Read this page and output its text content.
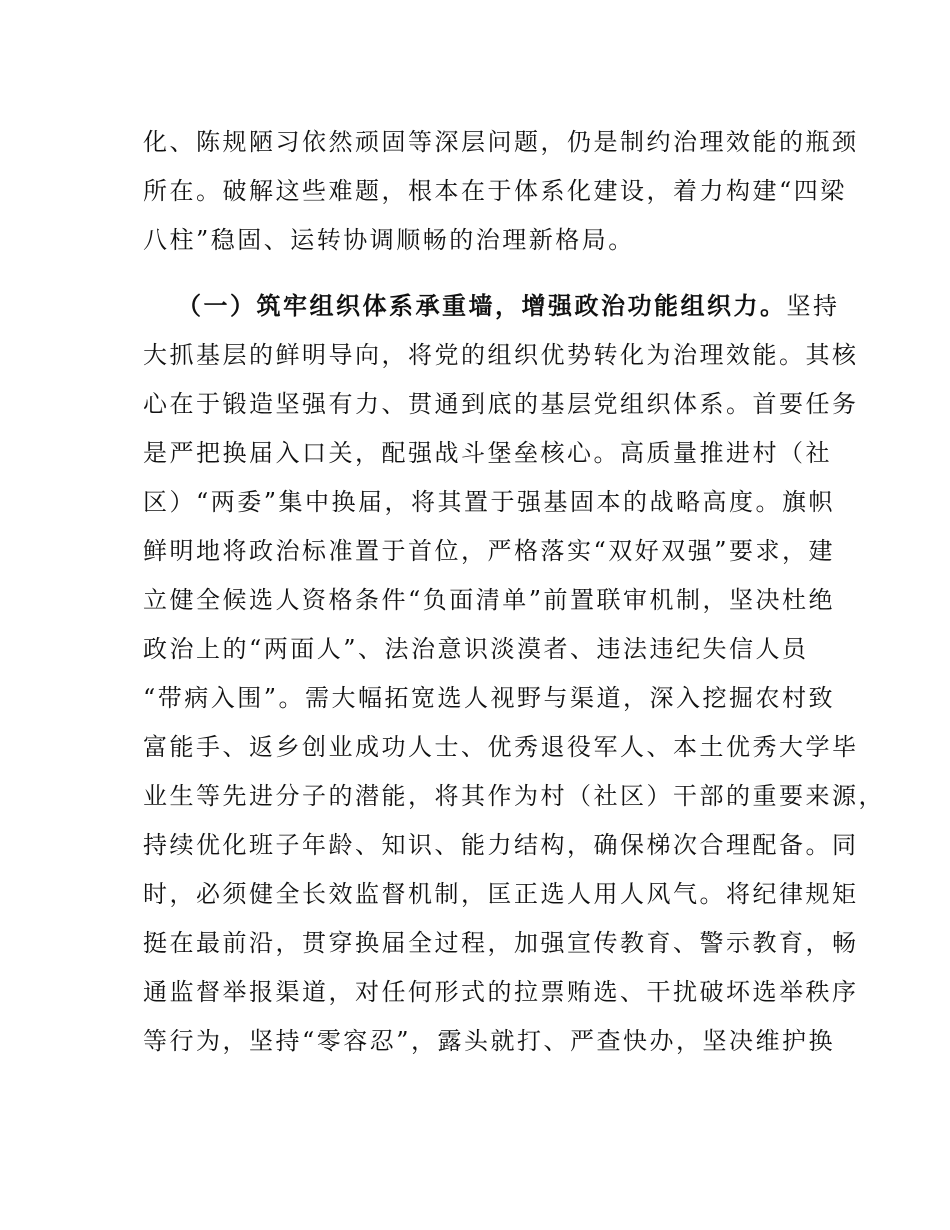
化、陈规陋习依然顽固等深层问题，仍是制约治理效能的瓶颈
所在。破解这些难题，根本在于体系化建设，着力构建“四梁
八柱”稳固、运转协调顺畅的治理新格局。
（一）筑牢组织体系承重墙，增强政治功能组织力。坚持
大抓基层的鲜明导向，将党的组织优势转化为治理效能。其核
心在于锻造坚强有力、贯通到底的基层党组织体系。首要任务
是严把换届入口关，配强战斗堡垒核心。高质量推进村（社
区）“两委”集中换届，将其置于强基固本的战略高度。旗帜
鲜明地将政治标准置于首位，严格落实“双好双强”要求，建
立健全候选人资格条件“负面清单”前置联审机制，坚决杜绝
政治上的“两面人”、法治意识淡漠者、违法违纪失信人员
“带病入围”。需大幅拓宽选人视野与渠道，深入挖掘农村致
富能手、返乡创业成功人士、优秀退役军人、本土优秀大学毕
业生等先进分子的潜能，将其作为村（社区）干部的重要来源，
持续优化班子年龄、知识、能力结构，确保梯次合理配备。同
时，必须健全长效监督机制，匡正选人用人风气。将纪律规矩
挺在最前沿，贯穿换届全过程，加强宣传教育、警示教育，畅
通监督举报渠道，对任何形式的拉票贿选、干扰破坏选举秩序
等行为，坚持“零容忍”，露头就打、严查快办，坚决维护换
